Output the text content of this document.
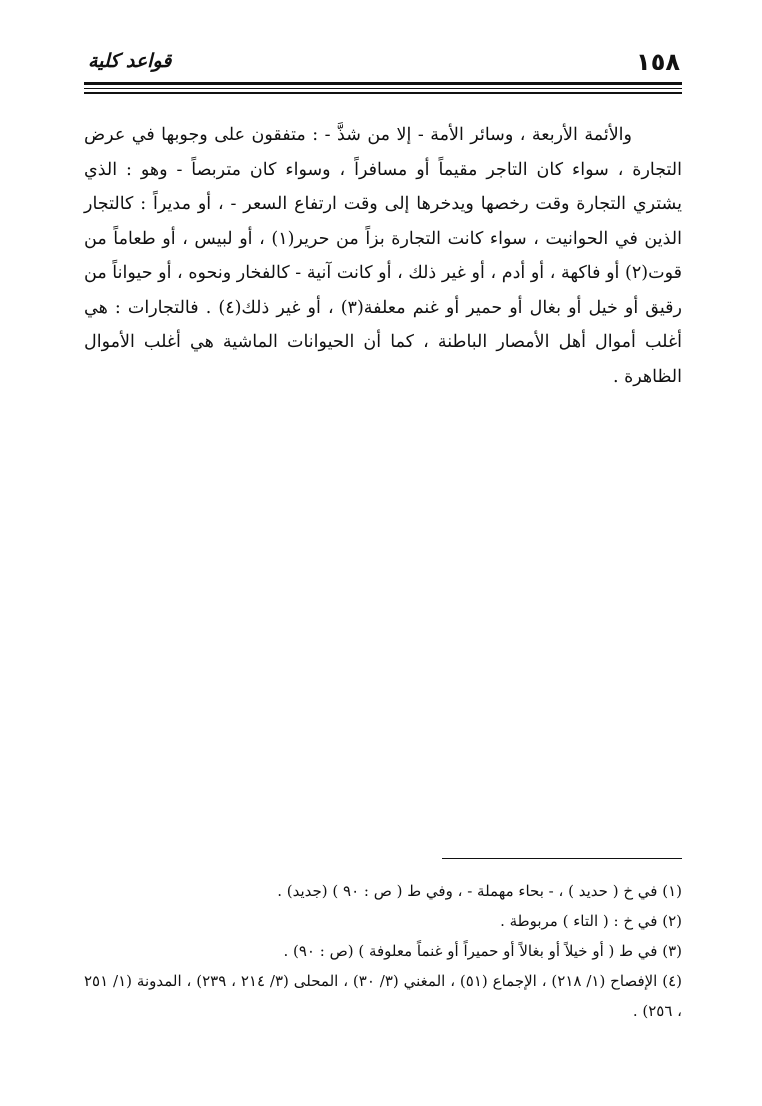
١٥٨
قواعد كلية

والأئمة الأربعة ، وسائر الأمة - إلا من شذَّ - : متفقون على وجوبها في عرض التجارة ، سواء كان التاجر مقيماً أو مسافراً ، وسواء كان متربصاً - وهو : الذي يشتري التجارة وقت رخصها ويدخرها إلى وقت ارتفاع السعر - ، أو مديراً : كالتجار الذين في الحوانيت ، سواء كانت التجارة بزاً من حرير(١) ، أو لبيس ، أو طعاماً من قوت(٢) أو فاكهة ، أو أدم ، أو غير ذلك ، أو كانت آنية - كالفخار ونحوه ، أو حيواناً من رقيق أو خيل أو بغال أو حمير أو غنم معلفة(٣) ، أو غير ذلك(٤) . فالتجارات : هي أغلب أموال أهل الأمصار الباطنة ، كما أن الحيوانات الماشية هي أغلب الأموال الظاهرة .

(١) في خ ( حديد ) ، - بحاء مهملة - ، وفي ط ( ص : ٩٠ ) (جديد) .

(٢) في خ : ( التاء ) مربوطة .

(٣) في ط ( أو خيلاً أو بغالاً أو حميراً أو غنماً معلوفة ) (ص : ٩٠) .

(٤) الإفصاح (١/ ٢١٨) ، الإجماع (٥١) ، المغني (٣/ ٣٠) ، المحلى (٣/ ٢١٤ ، ٢٣٩) ، المدونة (١/ ٢٥١ ، ٢٥٦) .
